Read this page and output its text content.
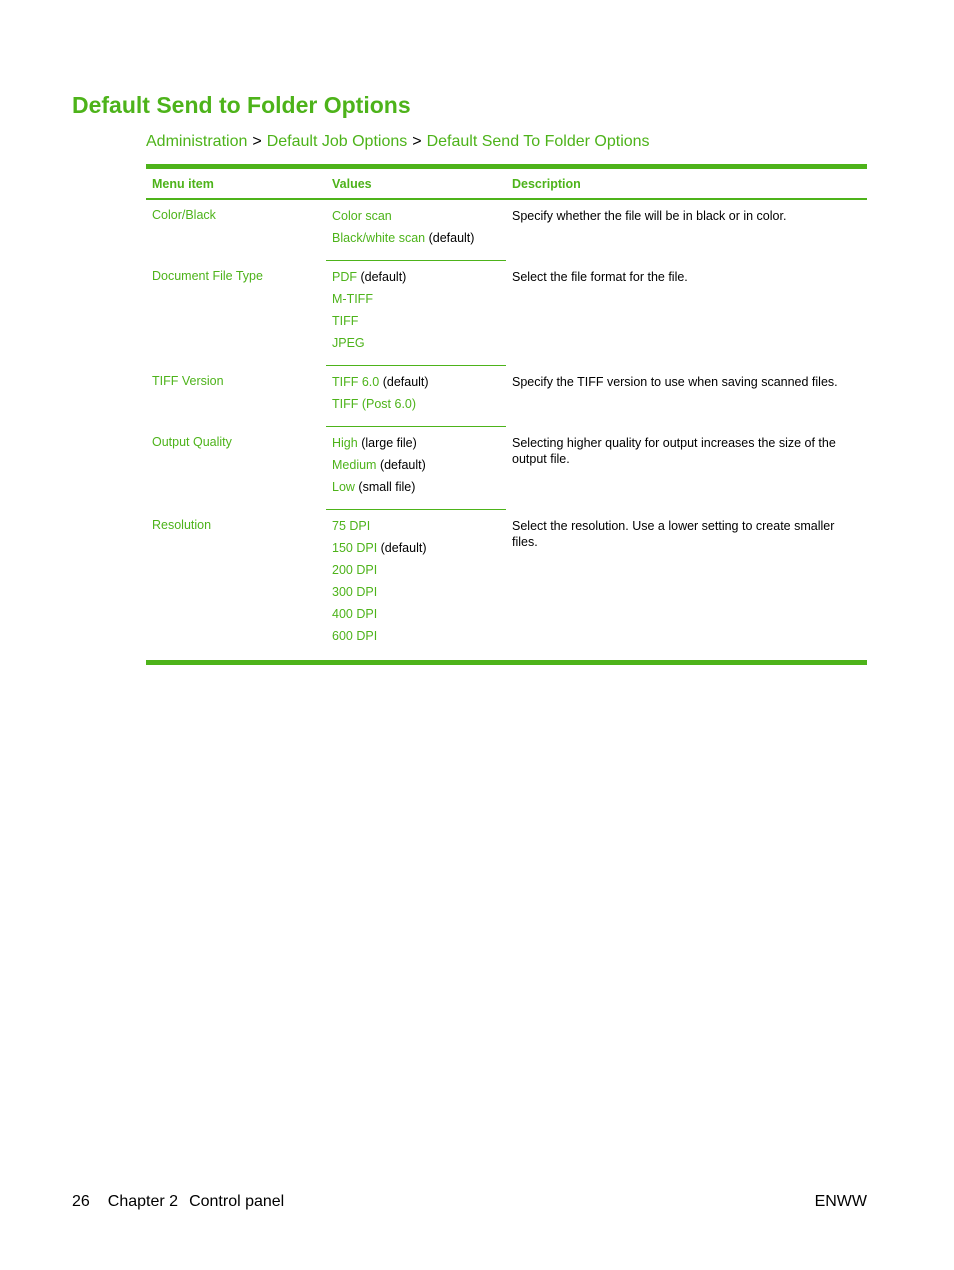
Default Send to Folder Options
Administration > Default Job Options > Default Send To Folder Options
Menu item	Values	Description
Color/Black	Color scan	Specify whether the file will be in black or in color.
	Black/white scan (default)	
Document File Type	PDF (default)	Select the file format for the file.
	M-TIFF	
	TIFF	
	JPEG	
TIFF Version	TIFF 6.0 (default)	Specify the TIFF version to use when saving scanned files.
	TIFF (Post 6.0)	
Output Quality	High (large file)	Selecting higher quality for output increases the size of the output file.
	Medium (default)	
	Low (small file)	
Resolution	75 DPI	Select the resolution. Use a lower setting to create smaller files.
	150 DPI (default)	
	200 DPI	
	300 DPI	
	400 DPI	
	600 DPI	
26 Chapter 2 Control panel	ENWW
